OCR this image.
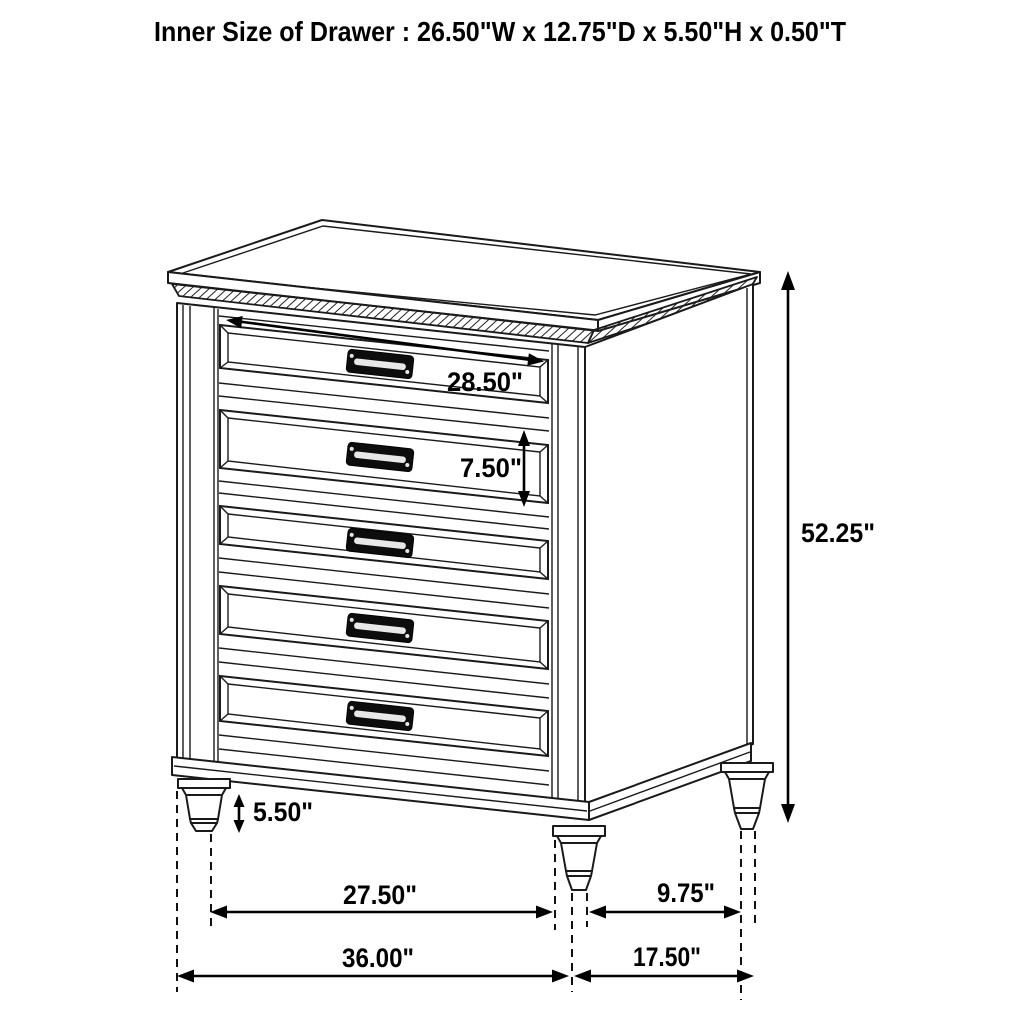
28.50"
7.50"
52.25"
5.50"
27.50"	9.75"
36.00"	17.50"
Inner Size of Drawer : 26.50"W x 12.75"D x 5.50"H x 0.50"T
